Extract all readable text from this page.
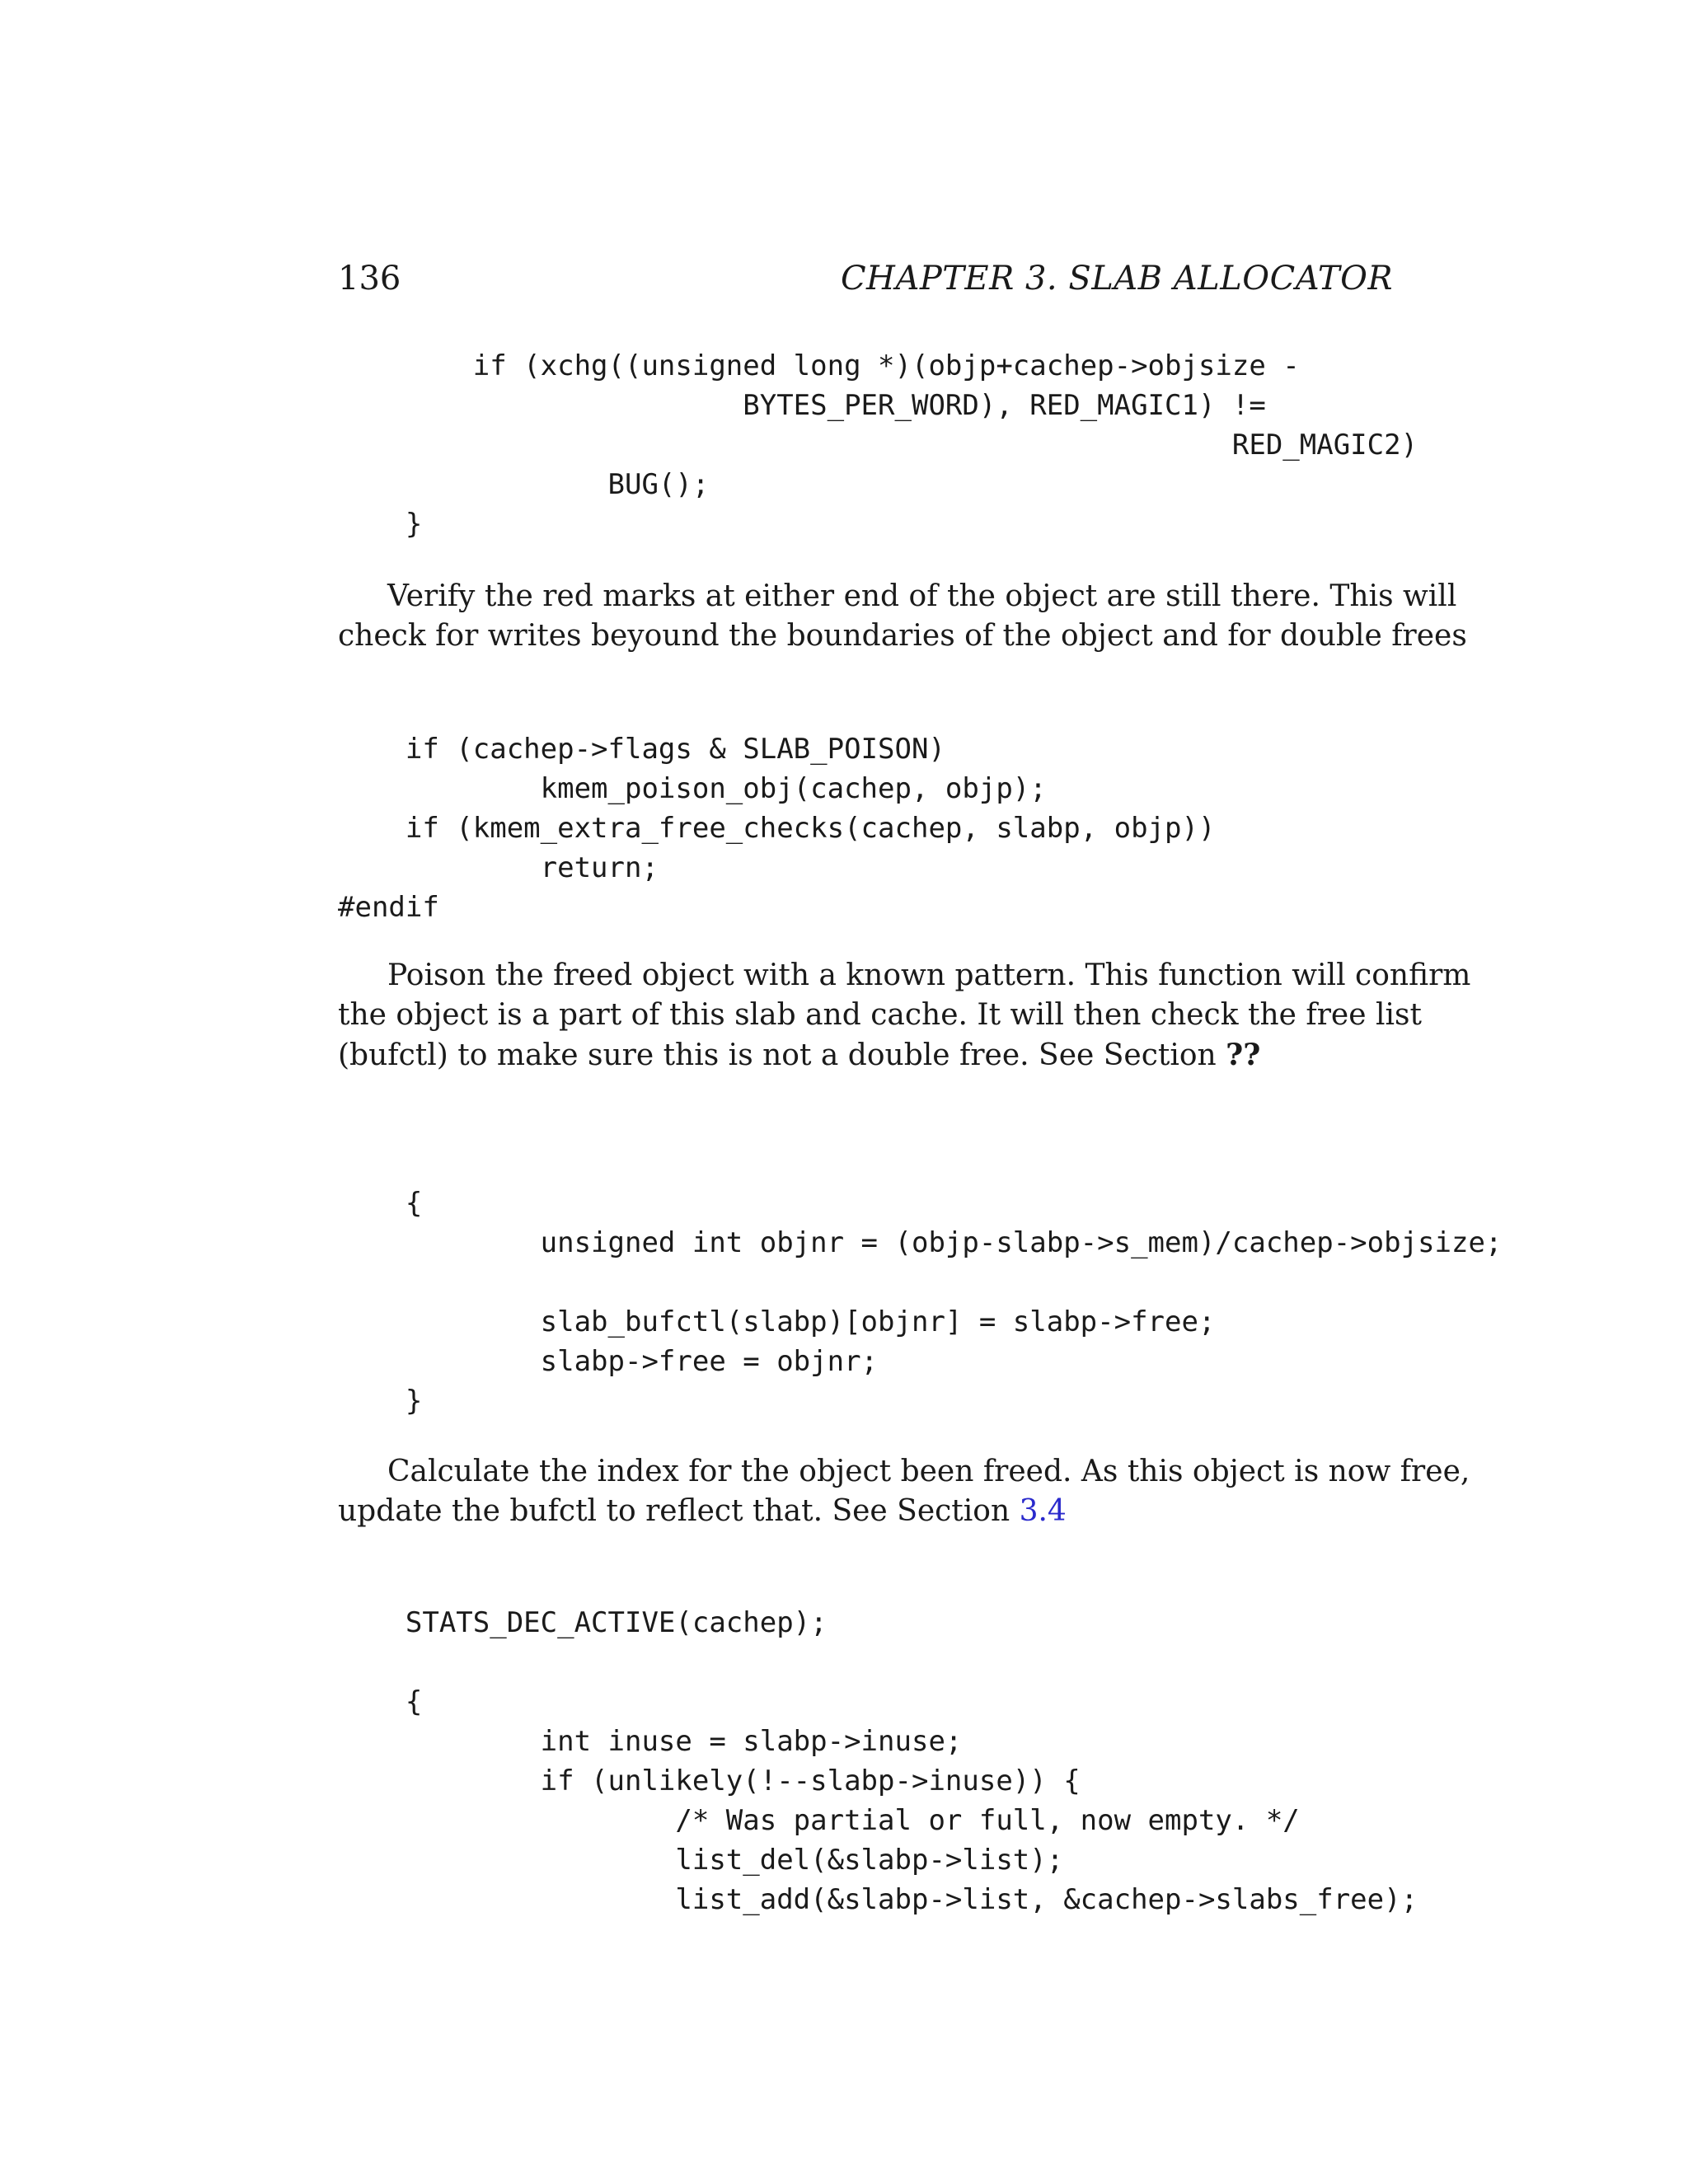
136	CHAPTER 3. SLAB ALLOCATOR
if (xchg((unsigned long *)(objp+cachep->objsize -
BYTES_PER_WORD), RED_MAGIC1) !=
RED_MAGIC2)
BUG();
}
Verify the red marks at either end of the object are still there. This will
check for writes beyound the boundaries of the object and for double frees
if (cachep->flags & SLAB_POISON)
kmem_poison_obj(cachep, objp);
if (kmem_extra_free_checks(cachep, slabp, objp))
return;
#endif
Poison the freed object with a known pattern. This function will confirm
the object is a part of this slab and cache. It will then check the free list
(bufctl) to make sure this is not a double free. See Section ??
{
unsigned int objnr = (objp-slabp->s_mem)/cachep->objsize;

slab_bufctl(slabp)[objnr] = slabp->free;
slabp->free = objnr;
}
Calculate the index for the object been freed. As this object is now free,
update the bufctl to reflect that. See Section 3.4
STATS_DEC_ACTIVE(cachep);

{
int inuse = slabp->inuse;
if (unlikely(!--slabp->inuse)) {
/* Was partial or full, now empty. */
list_del(&slabp->list);
list_add(&slabp->list, &cachep->slabs_free);
